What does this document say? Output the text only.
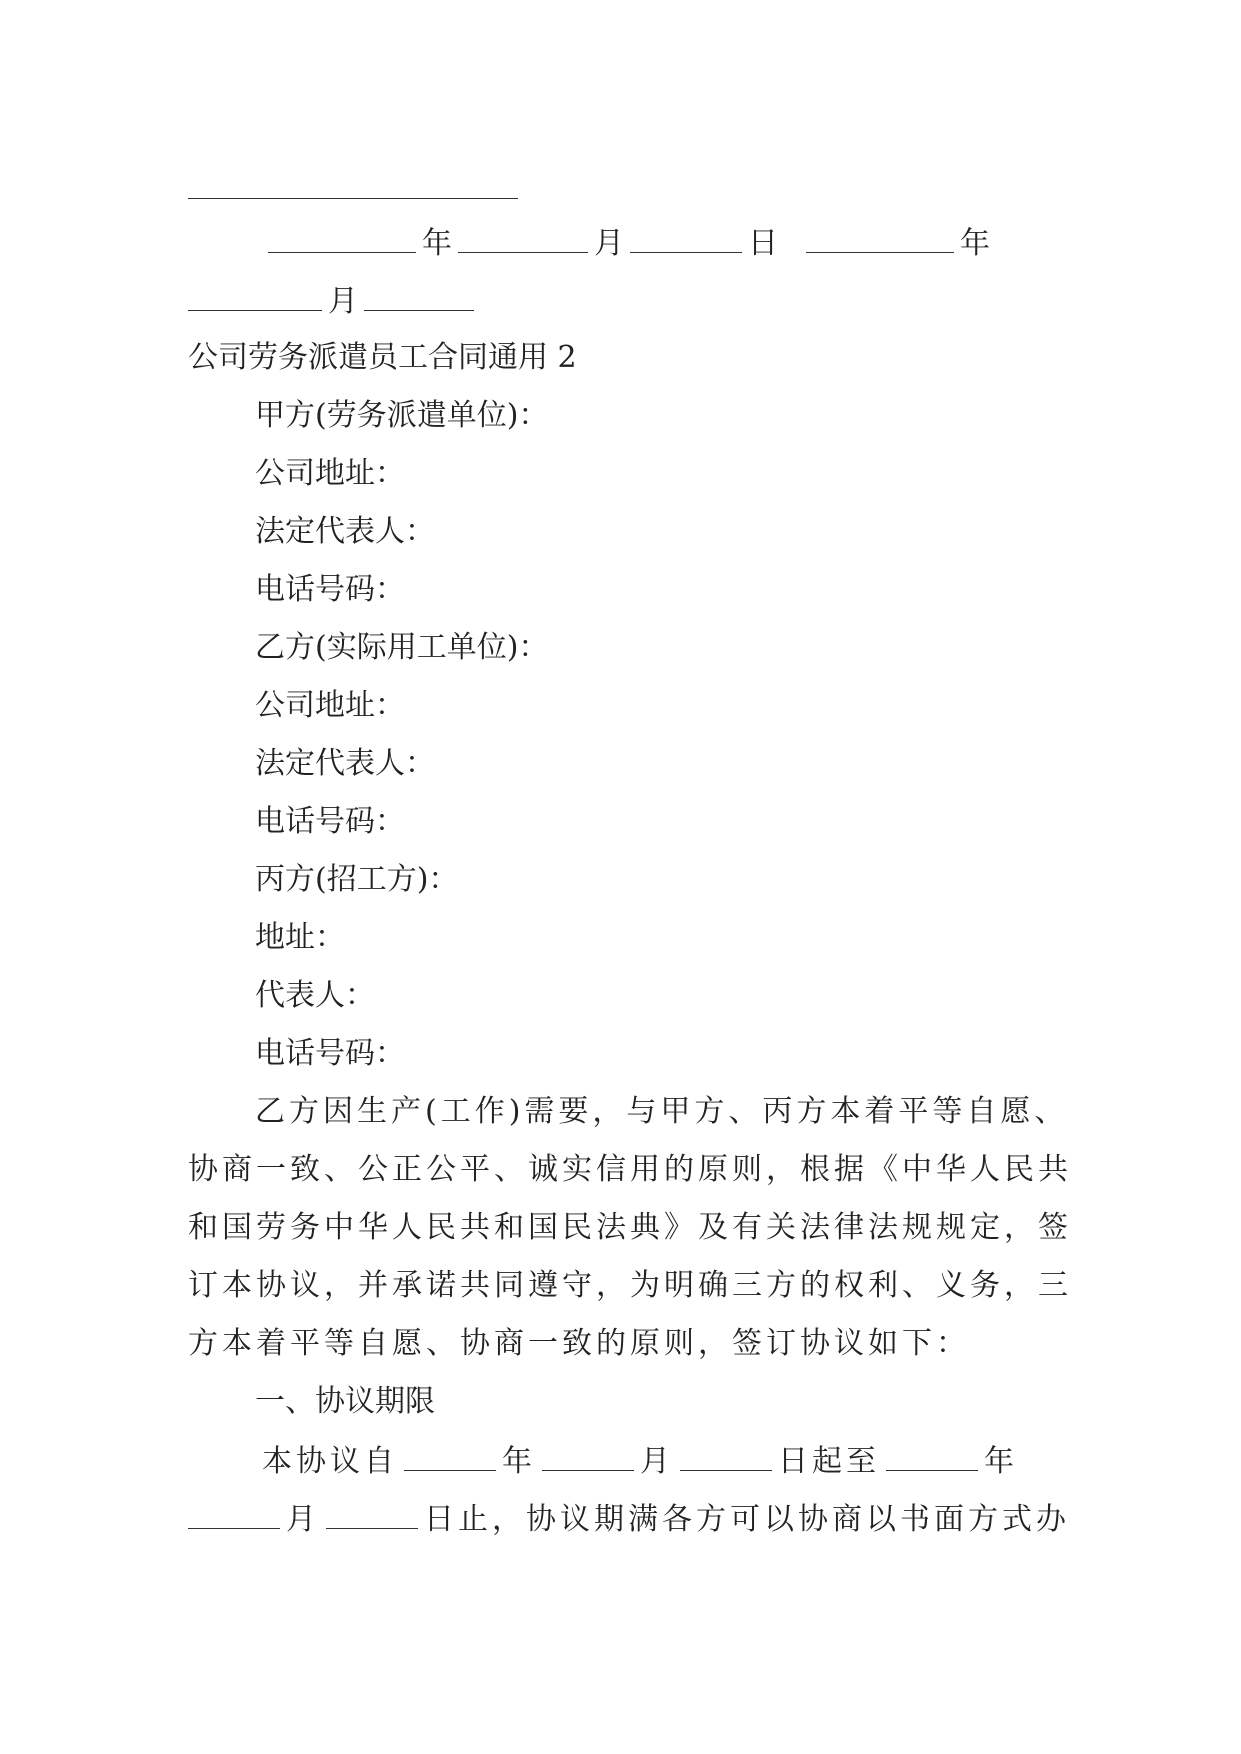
年	月	日	年
月
公司劳务派遣员工合同通用 2
甲方(劳务派遣单位)：
公司地址：
法定代表人：
电话号码：
乙方(实际用工单位)：
公司地址：
法定代表人：
电话号码：
丙方(招工方)：
地址：
代表人：
电话号码：
乙方因生产(工作)需要，与甲方、丙方本着平等自愿、
协商一致、公正公平、诚实信用的原则，根据《中华人民共
和国劳务中华人民共和国民法典》及有关法律法规规定，签
订本协议，并承诺共同遵守，为明确三方的权利、义务，三
方本着平等自愿、协商一致的原则，签订协议如下：
一、协议期限
本协议自	年	月	日起至	年
月	日止，协议期满各方可以协商以书面方式办
